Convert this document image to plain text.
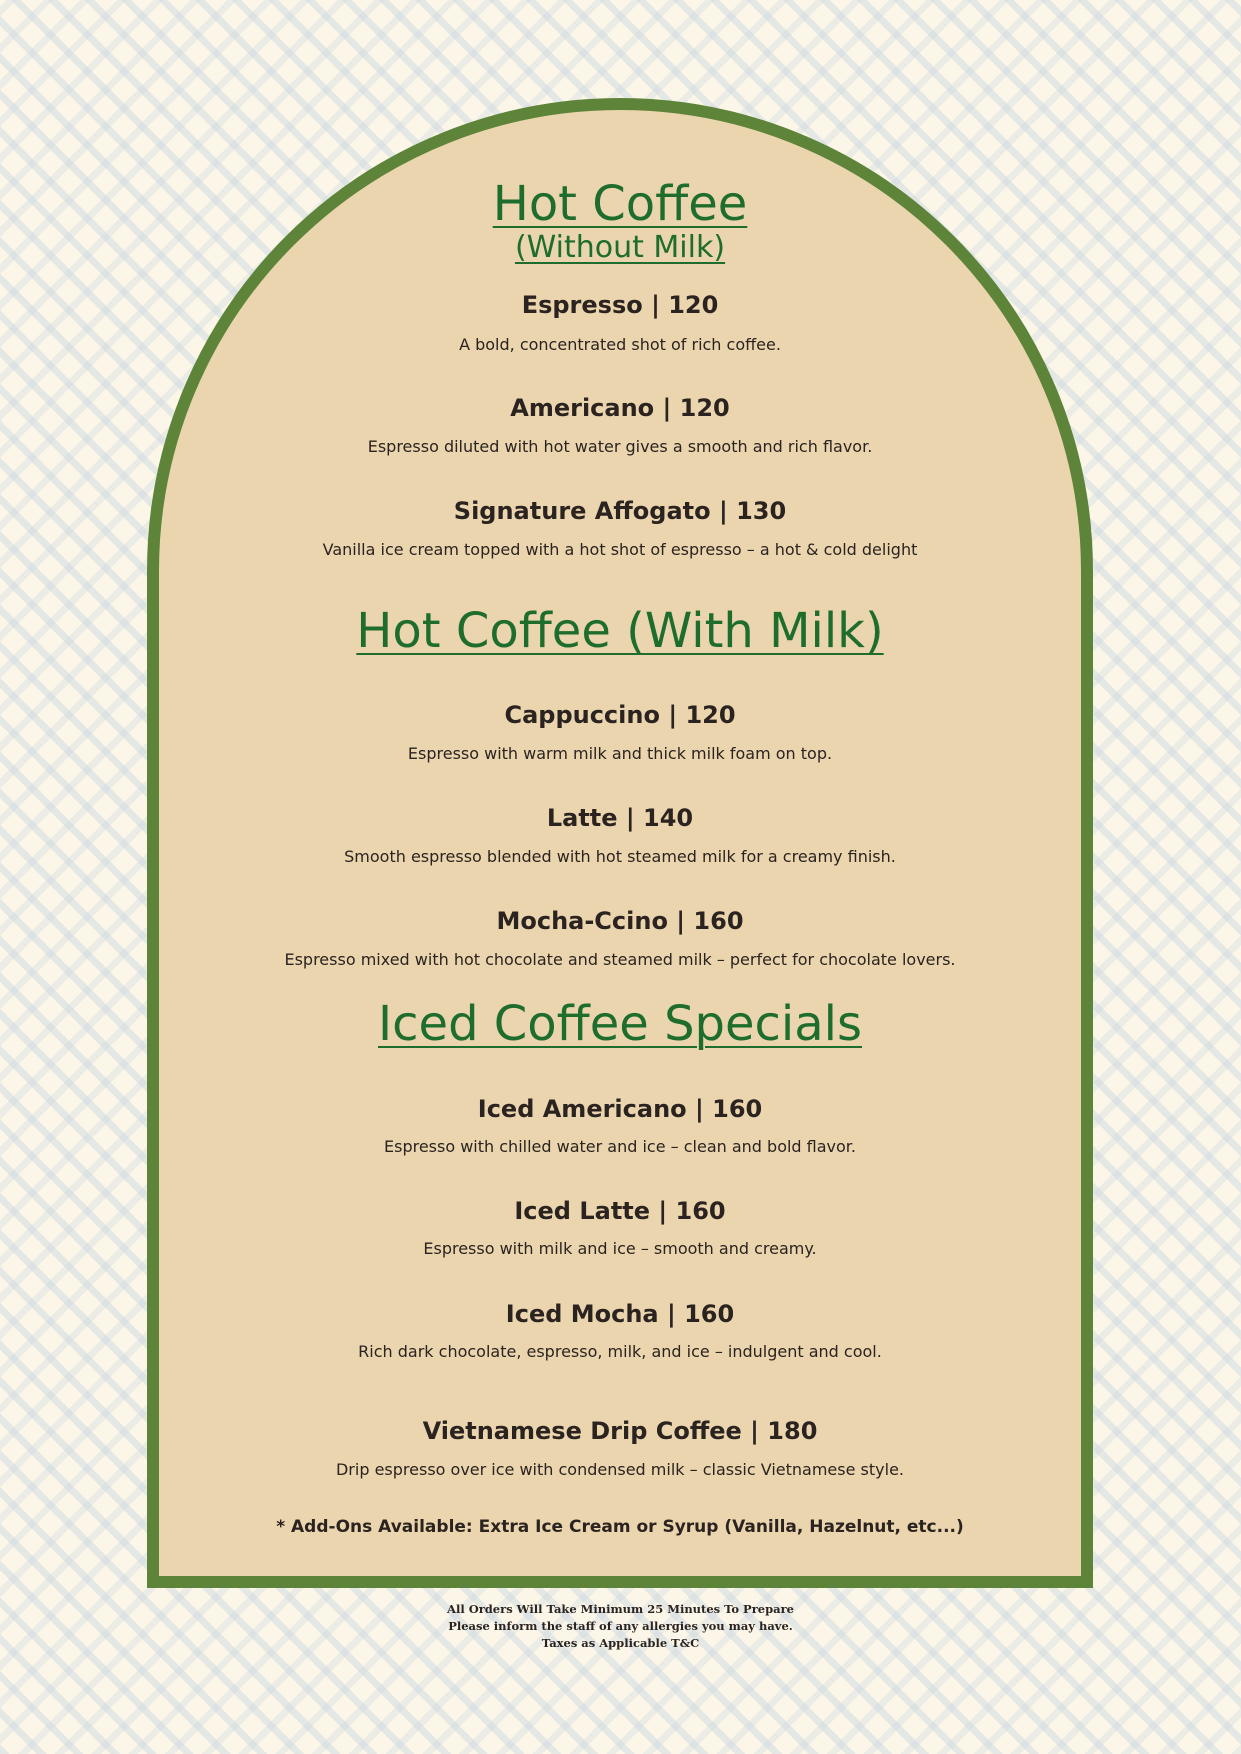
Hot Coffee
(Without Milk)
Espresso | 120
A bold, concentrated shot of rich coffee.
Americano | 120
Espresso diluted with hot water gives a smooth and rich flavor.
Signature Affogato | 130
Vanilla ice cream topped with a hot shot of espresso – a hot & cold delight
Hot Coffee (With Milk)
Cappuccino | 120
Espresso with warm milk and thick milk foam on top.
Latte | 140
Smooth espresso blended with hot steamed milk for a creamy finish.
Mocha-Ccino | 160
Espresso mixed with hot chocolate and steamed milk – perfect for chocolate lovers.
Iced Coffee Specials
Iced Americano | 160
Espresso with chilled water and ice – clean and bold flavor.
Iced Latte | 160
Espresso with milk and ice – smooth and creamy.
Iced Mocha | 160
Rich dark chocolate, espresso, milk, and ice – indulgent and cool.
Vietnamese Drip Coffee | 180
Drip espresso over ice with condensed milk – classic Vietnamese style.
* Add-Ons Available: Extra Ice Cream or Syrup (Vanilla, Hazelnut, etc...)
All Orders Will Take Minimum 25 Minutes To Prepare
Please inform the staff of any allergies you may have.
Taxes as Applicable T&C
